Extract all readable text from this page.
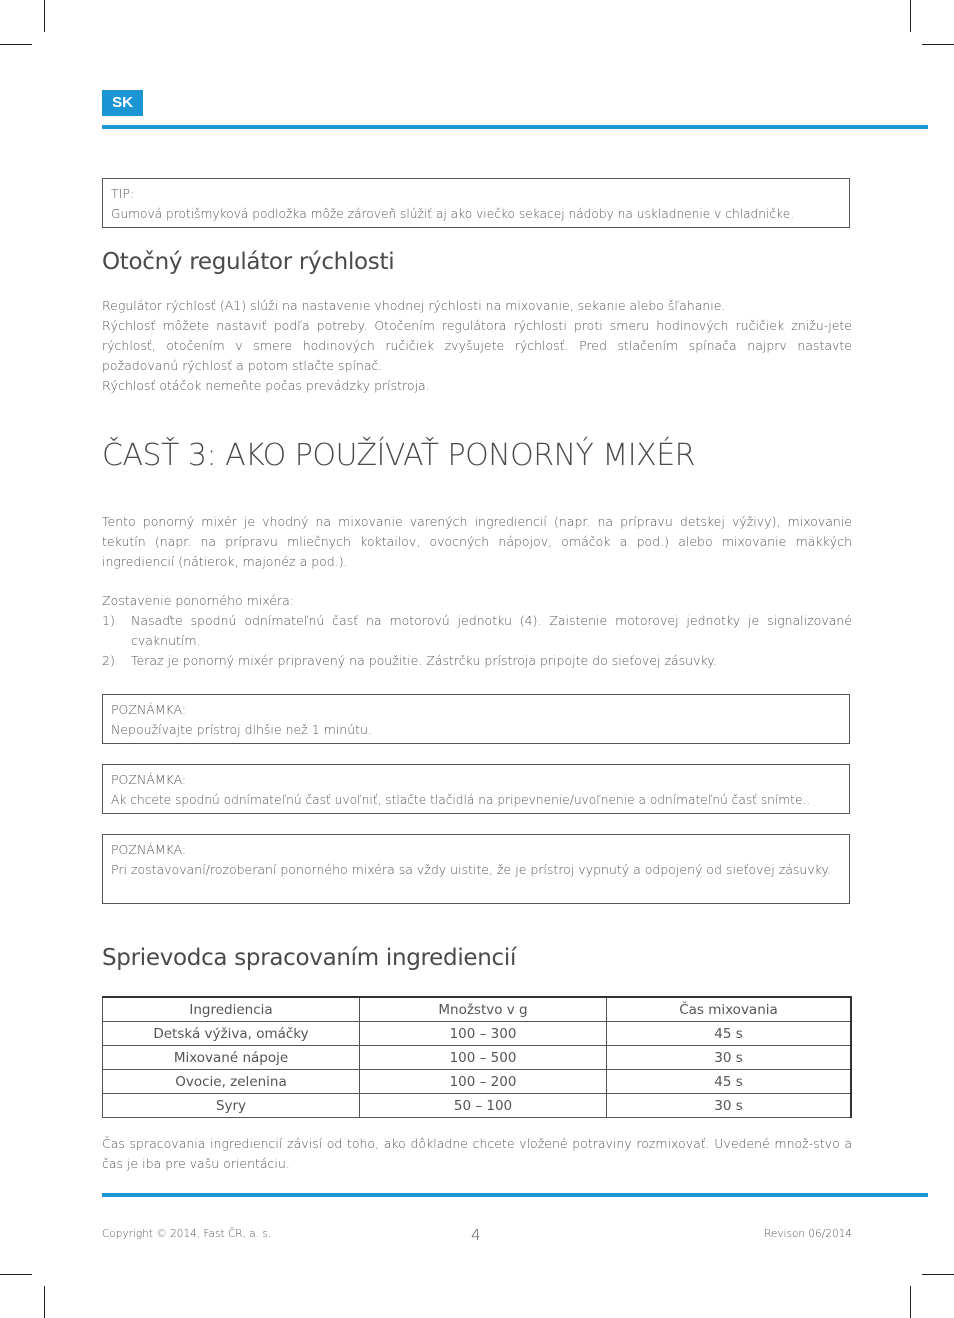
SK
TIP:
Gumová protišmyková podložka môže zároveň slúžiť aj ako viečko sekacej nádoby na uskladnenie v chladničke.
Otočný regulátor rýchlosti

Regulátor rýchlosť (A1) slúži na nastavenie vhodnej rýchlosti na mixovanie, sekanie alebo šľahanie.

Rýchlosť môžete nastaviť podľa potreby. Otočením regulátora rýchlosti proti smeru hodinových ručičiek znižu-jete rýchlosť, otočením v smere hodinových ručičiek zvyšujete rýchlosť. Pred stlačením spínača najprv nastavte požadovanú rýchlosť a potom stlačte spínač.

Rýchlosť otáčok nemeňte počas prevádzky prístroja.

ČASŤ 3: AKO POUŽÍVAŤ PONORNÝ MIXÉR
Tento ponorný mixér je vhodný na mixovanie varených ingrediencií (napr. na prípravu detskej výživy), mixovanie tekutín (napr. na prípravu mliečnych koktailov, ovocných nápojov, omáčok a pod.) alebo mixovanie mäkkých ingrediencií (nátierok, majonéz a pod.).
Zostavenie ponorného mixéra:
1) Nasaďte spodnú odnímateľnú časť na motorovú jednotku (4). Zaistenie motorovej jednotky je signalizované cvaknutím.
2) Teraz je ponorný mixér pripravený na použitie. Zástrčku prístroja pripojte do sieťovej zásuvky.
POZNÁMKA:
Nepoužívajte prístroj dlhšie než 1 minútu.
POZNÁMKA:
Ak chcete spodnú odnímateľnú časť uvoľniť, stlačte tlačidlá na pripevnenie/uvoľnenie a odnímateľnú časť snímte..
POZNÁMKA:
Pri zostavovaní/rozoberaní ponorného mixéra sa vždy uistite, že je prístroj vypnutý a odpojený od sieťovej zásuvky.
Sprievodca spracovaním ingrediencií
Ingrediencia	Množstvo v g	Čas mixovania
Detská výživa, omáčky	100 – 300	45 s
Mixované nápoje	100 – 500	30 s
Ovocie, zelenina	100 – 200	45 s
Syry	50 – 100	30 s
Čas spracovania ingrediencií závisí od toho, ako dôkladne chcete vložené potraviny rozmixovať. Uvedené množ-stvo a čas je iba pre vašu orientáciu.
Copyright © 2014, Fast ČR, a. s.	4	Revison 06/2014
